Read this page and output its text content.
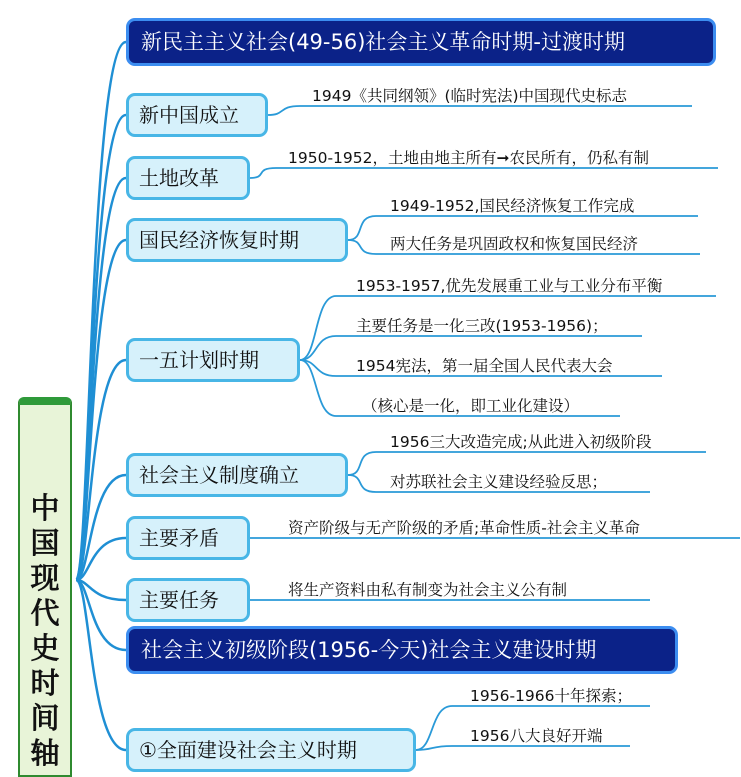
中国现代史时间轴
新民主主义社会(49-56)社会主义革命时期-过渡时期
社会主义初级阶段(1956-今天)社会主义建设时期
新中国成立
土地改革
国民经济恢复时期
一五计划时期
社会主义制度确立
主要矛盾
主要任务
①全面建设社会主义时期
1949《共同纲领》(临时宪法)中国现代史标志
1950-1952，土地由地主所有➞农民所有，仍私有制
1949-1952,国民经济恢复工作完成
两大任务是巩固政权和恢复国民经济
1953-1957,优先发展重工业与工业分布平衡
主要任务是一化三改(1953-1956)；
1954宪法，第一届全国人民代表大会
（核心是一化，即工业化建设）
1956三大改造完成;从此进入初级阶段
对苏联社会主义建设经验反思；
资产阶级与无产阶级的矛盾;革命性质-社会主义革命
将生产资料由私有制变为社会主义公有制
1956-1966十年探索；
1956八大良好开端
